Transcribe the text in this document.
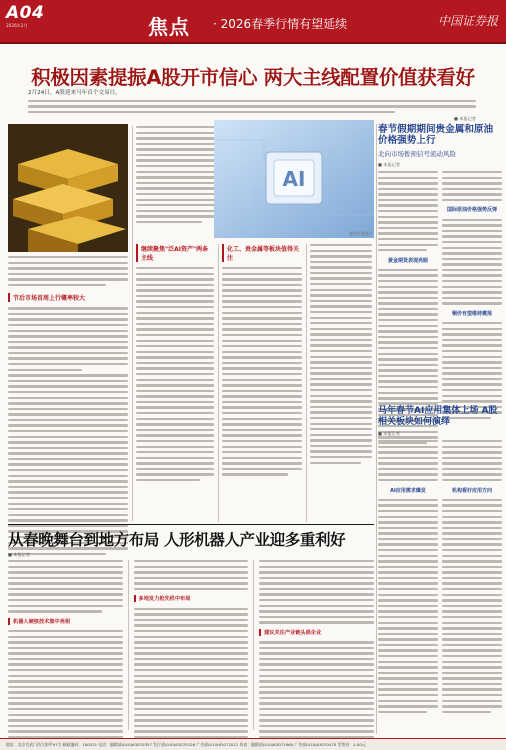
A04
2026年2月	焦点 · 2026春季行情有望延续	中国证券报
积极因素提振A股开市信心 两大主线配置价值获看好
2月24日，A股迎来马年首个交易日。
■ 本报记者
节后市场首周上行概率较大
AI
视觉中国图片
继续聚焦"泛AI资产"两条主线
化工、贵金属等板块值得关注
春节假期期间贵金属和原油价格强势上行
北向市场暂预信号流动风险
■ 本报记者
黄金期货表现亮眼
国际原油价格强势反弹
铜价有望维持震荡
马年春节AI应用集体上场 A股相关板块如何演绎
■ 本报记者
AI应用需求爆发	机构看好应用方向
从春晚舞台到地方布局 人形机器人产业迎多重利好
■ 本报记者
机器人硬核技术集中亮相
多地发力抢先机中布局
建议关注产业链头部企业
地址：北京宣武门西大街甲97号 邮政编码：100031 电话：编辑部(010)63070357 发行部(010)63070326 广告部(010)63072012 传真：编辑部(010)63071960 广告部(010)63070470 零售价：4.00元
